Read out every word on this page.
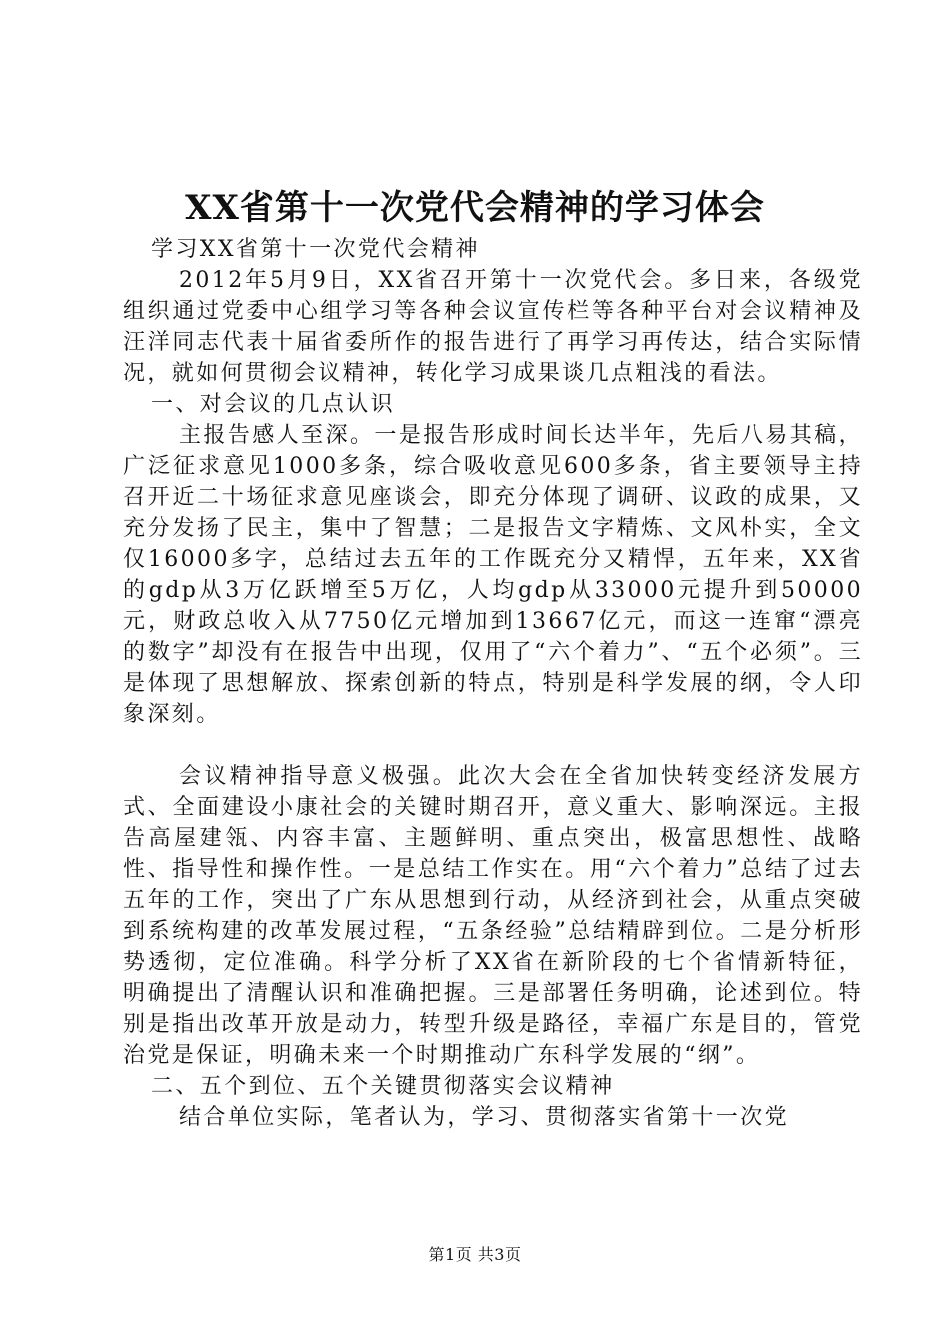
XX省第十一次党代会精神的学习体会

学习XX省第十一次党代会精神

2012年5月9日，XX省召开第十一次党代会。多日来，各级党组织通过党委中心组学习等各种会议宣传栏等各种平台对会议精神及汪洋同志代表十届省委所作的报告进行了再学习再传达，结合实际情况，就如何贯彻会议精神，转化学习成果谈几点粗浅的看法。

一、对会议的几点认识

主报告感人至深。一是报告形成时间长达半年，先后八易其稿，广泛征求意见1000多条，综合吸收意见600多条，省主要领导主持召开近二十场征求意见座谈会，即充分体现了调研、议政的成果，又充分发扬了民主，集中了智慧；二是报告文字精炼、文风朴实，全文仅16000多字，总结过去五年的工作既充分又精悍，五年来，XX省的gdp从3万亿跃增至5万亿，人均gdp从33000元提升到50000元，财政总收入从7750亿元增加到13667亿元，而这一连窜“漂亮的数字”却没有在报告中出现，仅用了“六个着力”、“五个必须”。三是体现了思想解放、探索创新的特点，特别是科学发展的纲，令人印象深刻。

会议精神指导意义极强。此次大会在全省加快转变经济发展方式、全面建设小康社会的关键时期召开，意义重大、影响深远。主报告高屋建瓴、内容丰富、主题鲜明、重点突出，极富思想性、战略性、指导性和操作性。一是总结工作实在。用“六个着力”总结了过去五年的工作，突出了广东从思想到行动，从经济到社会，从重点突破到系统构建的改革发展过程，“五条经验”总结精辟到位。二是分析形势透彻，定位准确。科学分析了XX省在新阶段的七个省情新特征，明确提出了清醒认识和准确把握。三是部署任务明确，论述到位。特别是指出改革开放是动力，转型升级是路径，幸福广东是目的，管党治党是保证，明确未来一个时期推动广东科学发展的“纲”。

二、五个到位、五个关键贯彻落实会议精神

结合单位实际，笔者认为，学习、贯彻落实省第十一次党

第1页 共3页
